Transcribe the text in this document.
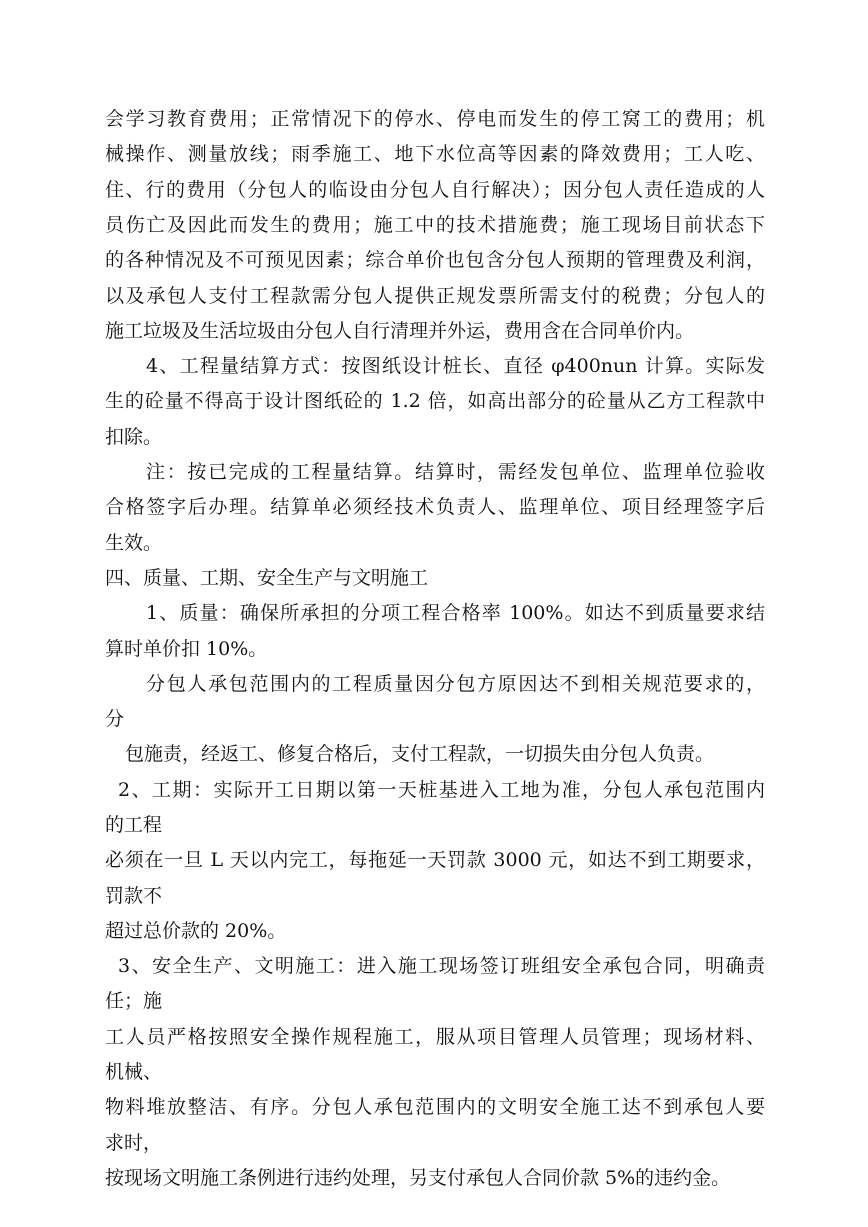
会学习教育费用；正常情况下的停水、停电而发生的停工窝工的费用；机
械操作、测量放线；雨季施工、地下水位高等因素的降效费用；工人吃、
住、行的费用（分包人的临设由分包人自行解决）；因分包人责任造成的人
员伤亡及因此而发生的费用；施工中的技术措施费；施工现场目前状态下
的各种情况及不可预见因素；综合单价也包含分包人预期的管理费及利润，
以及承包人支付工程款需分包人提供正规发票所需支付的税费；分包人的
施工垃圾及生活垃圾由分包人自行清理并外运，费用含在合同单价内。
4、工程量结算方式：按图纸设计桩长、直径 φ400nun 计算。实际发
生的砼量不得高于设计图纸砼的 1.2 倍，如高出部分的砼量从乙方工程款中
扣除。
注：按已完成的工程量结算。结算时，需经发包单位、监理单位验收
合格签字后办理。结算单必须经技术负责人、监理单位、项目经理签字后
生效。
四、质量、工期、安全生产与文明施工
1、质量：确保所承担的分项工程合格率 100%。如达不到质量要求结
算时单价扣 10%。
分包人承包范围内的工程质量因分包方原因达不到相关规范要求的，
分
包施责，经返工、修复合格后，支付工程款，一切损失由分包人负责。
2、工期：实际开工日期以第一天桩基进入工地为准，分包人承包范围内
的工程
必须在一旦 L 天以内完工，每拖延一天罚款 3000 元，如达不到工期要求，
罚款不
超过总价款的 20%。
3、安全生产、文明施工：进入施工现场签订班组安全承包合同，明确责
任；施
工人员严格按照安全操作规程施工，服从项目管理人员管理；现场材料、
机械、
物料堆放整洁、有序。分包人承包范围内的文明安全施工达不到承包人要
求时，
按现场文明施工条例进行违约处理，另支付承包人合同价款 5%的违约金。
